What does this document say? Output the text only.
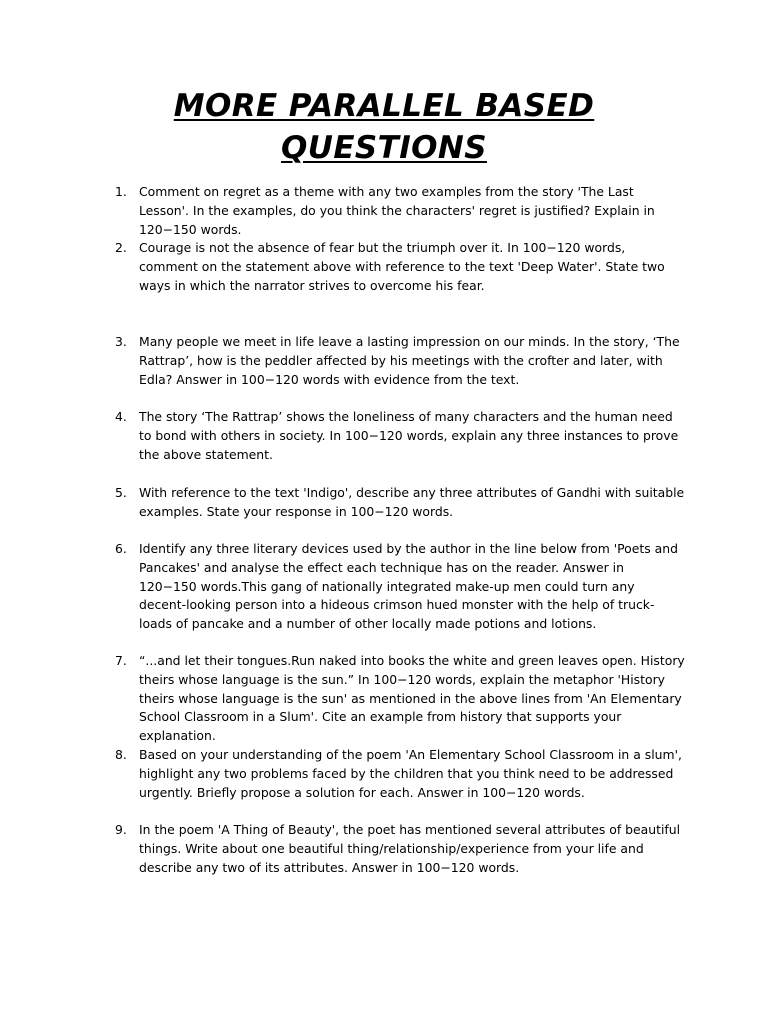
MORE PARALLEL BASED
QUESTIONS
1. Comment on regret as a theme with any two examples from the story 'The Last Lesson'. In the examples, do you think the characters' regret is justified? Explain in 120−150 words.
2. Courage is not the absence of fear but the triumph over it. In 100−120 words, comment on the statement above with reference to the text 'Deep Water'. State two ways in which the narrator strives to overcome his fear.
3. Many people we meet in life leave a lasting impression on our minds. In the story, ‘The Rattrap’, how is the peddler affected by his meetings with the crofter and later, with Edla? Answer in 100−120 words with evidence from the text.
4. The story ‘The Rattrap’ shows the loneliness of many characters and the human need to bond with others in society. In 100−120 words, explain any three instances to prove the above statement.
5. With reference to the text 'Indigo', describe any three attributes of Gandhi with suitable examples. State your response in 100−120 words.
6. Identify any three literary devices used by the author in the line below from 'Poets and Pancakes' and analyse the effect each technique has on the reader. Answer in 120−150 words.This gang of nationally integrated make-up men could turn any decent-looking person into a hideous crimson hued monster with the help of truck-loads of pancake and a number of other locally made potions and lotions.
7. “...and let their tongues.Run naked into books the white and green leaves open. History theirs whose language is the sun.” In 100−120 words, explain the metaphor 'History theirs whose language is the sun' as mentioned in the above lines from 'An Elementary School Classroom in a Slum'. Cite an example from history that supports your explanation.
8. Based on your understanding of the poem 'An Elementary School Classroom in a slum', highlight any two problems faced by the children that you think need to be addressed urgently. Briefly propose a solution for each. Answer in 100−120 words.
9. In the poem 'A Thing of Beauty', the poet has mentioned several attributes of beautiful things. Write about one beautiful thing/relationship/experience from your life and describe any two of its attributes. Answer in 100−120 words.
